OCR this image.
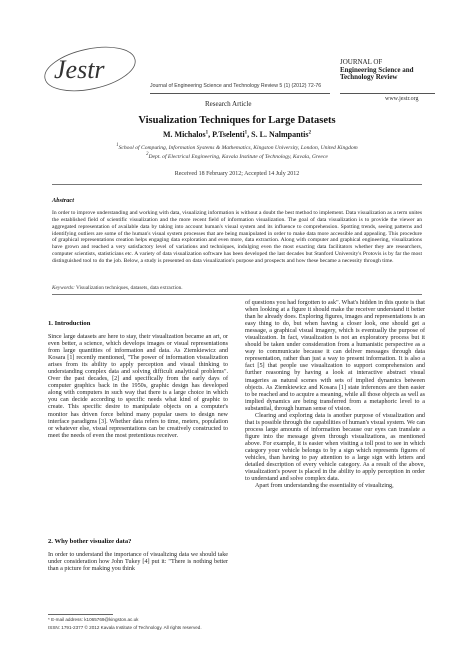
Jestr
Journal of Engineering Science and Technology Review 5 (1) (2012) 72-76
JOURNAL OF
Engineering Science and
Technology Review
Research Article
www.jestr.org
Visualization Techniques for Large Datasets
M. Michalos$^1$, P.Tselenti$^1$, S. L. Nalmpantis$^2$
$^1$School of Computing, Information Systems & Mathematics, Kingston University, London, United Kingdom
$^2$Dept. of Electrical Engineering, Kavala Institute of Technology, Kavala, Greece
Received 18 February 2012; Accepted 14 July 2012
Abstract
In order to improve understanding and working with data, visualizing information is without a doubt the best method to implement. Data visualization as a term unites the established field of scientific visualization and the more recent field of information visualization. The goal of data visualization is to provide the viewer an aggregated representation of available data by taking into account human's visual system and its influence to comprehension. Spotting trends, seeing patterns and identifying outliers are some of the human's visual system processes that are being manipulated in order to make data more accessible and appealing. This procedure of graphical representations creation helps engaging data exploration and even more, data extraction. Along with computer and graphical engineering, visualizations have grown and reached a very satisfactory level of variations and techniques, indulging even the most exacting data facilitators whether they are researchers, computer scientists, statisticians etc. A variety of data visualization software has been developed the last decades but Stanford University's Protovis is by far the most distinguished tool to do the job. Below, a study is presented on data visualization's purpose and prospects and how these became a necessity through time.
Keywords: Visualization techniques, datasets, data extraction.
1. Introduction

Since large datasets are here to stay, their visualization became an art, or even better, a science, which develops images or visual representations from large quantities of information and data. As Ziemkiewicz and Kosara [1] recently mentioned, "The power of information visualization arises from its ability to apply perception and visual thinking to understanding complex data and solving difficult analytical problems". Over the past decades, [2] and specifically from the early days of computer graphics back in the 1950s, graphic design has developed along with computers in such way that there is a large choice in which you can decide according to specific needs what kind of graphic to create. This specific desire to manipulate objects on a computer's monitor has driven force behind many popular users to design new interface paradigms [3]. Whether data refers to time, meters, population or whatever else, visual representations can be creatively constructed to meet the needs of even the most pretentious receiver.

2. Why bother visualize data?

In order to understand the importance of visualizing data we should take under consideration how John Tukey [4] put it: "There is nothing better than a picture for making you think

* E-mail address: k1065769@kingston.ac.uk
ISSN: 1791-2377 © 2012 Kavala Institute of Technology. All rights reserved.

of questions you had forgotten to ask". What's hidden in this quote is that when looking at a figure it should make the receiver understand it better than he already does. Exploring figures, images and representations is an easy thing to do, but when having a closer look, one should get a message, a graphical visual imagery, which is eventually the purpose of visualization. In fact, visualization is not an exploratory process but it should be taken under consideration from a humanistic perspective as a way to communicate because it can deliver messages through data representation, rather than just a way to present information. It is also a fact [5] that people use visualization to support comprehension and further reasoning by having a look at interactive abstract visual imageries as natural scenes with sets of implied dynamics between objects. As Ziemkiewicz and Kosara [1] state inferences are then easier to be reached and to acquire a meaning, while all those objects as well as implied dynamics are being transferred from a metaphoric level to a substantial, through human sense of vision.

Clearing and exploring data is another purpose of visualization and that is possible through the capabilities of human's visual system. We can process large amounts of information because our eyes can translate a figure into the message given through visualizations, as mentioned above. For example, it is easier when visiting a toll post to see in which category your vehicle belongs to by a sign which represents figures of vehicles, than having to pay attention to a large sign with letters and detailed description of every vehicle category. As a result of the above, visualization's power is placed in the ability to apply perception in order to understand and solve complex data.

Apart from understanding the essentiality of visualizing,
